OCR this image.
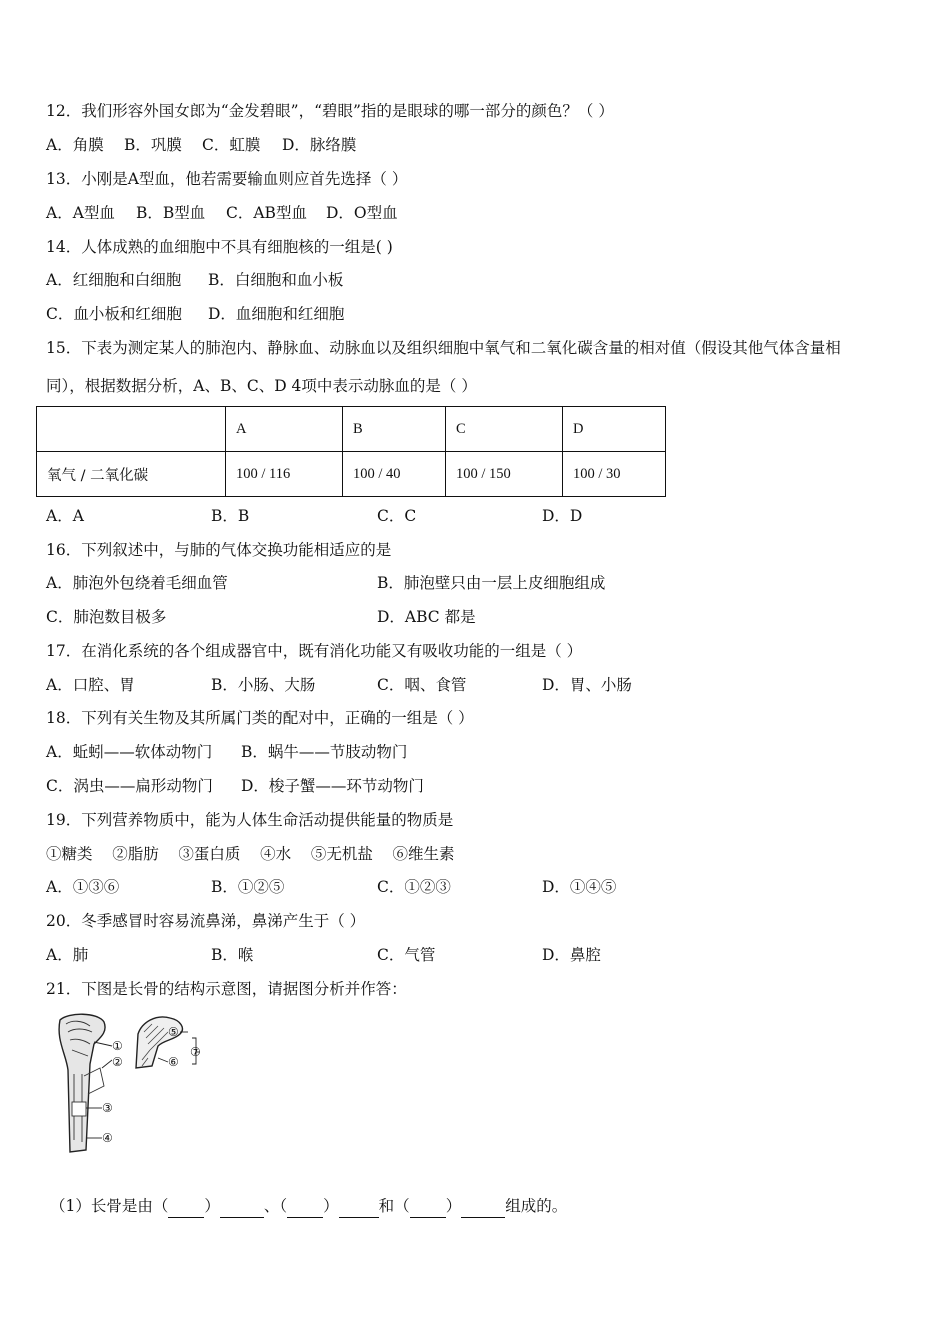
12．我们形容外国女郎为“金发碧眼”，“碧眼”指的是眼球的哪一部分的颜色？（ ）
A．角膜 B．巩膜 C．虹膜 D．脉络膜
13．小刚是A型血，他若需要输血则应首先选择（ ）
A．A型血 B．B型血 C．AB型血 D．O型血
14．人体成熟的血细胞中不具有细胞核的一组是( )
A．红细胞和白细胞 B．白细胞和血小板
C．血小板和红细胞 D．血细胞和红细胞
15．下表为测定某人的肺泡内、静脉血、动脉血以及组织细胞中氧气和二氧化碳含量的相对值（假设其他气体含量相
同），根据数据分析，A、B、C、D 4项中表示动脉血的是（ ）
	A	B	C	D
氧气 / 二氧化碳	100 / 116	100 / 40	100 / 150	100 / 30
A．A	B．B	C．C	D．D
16．下列叙述中，与肺的气体交换功能相适应的是
A．肺泡外包绕着毛细血管	B．肺泡壁只由一层上皮细胞组成
C．肺泡数目极多	D．ABC 都是
17．在消化系统的各个组成器官中，既有消化功能又有吸收功能的一组是（ ）
A．口腔、胃	B．小肠、大肠	C．咽、食管	D．胃、小肠
18．下列有关生物及其所属门类的配对中，正确的一组是（ ）
A．蚯蚓——软体动物门 B．蜗牛——节肢动物门
C．涡虫——扁形动物门 D．梭子蟹——环节动物门
19．下列营养物质中，能为人体生命活动提供能量的物质是
①糖类    ②脂肪    ③蛋白质    ④水    ⑤无机盐    ⑥维生素
A．①③⑥	B．①②⑤	C．①②③	D．①④⑤
20．冬季感冒时容易流鼻涕，鼻涕产生于（ ）
A．肺	B．喉	C．气管	D．鼻腔
21．下图是长骨的结构示意图，请据图分析并作答：
①
②
③
④
⑤
⑥
⑦
（1）长骨是由（ ）	、（ ）	和（ ）	组成的。
